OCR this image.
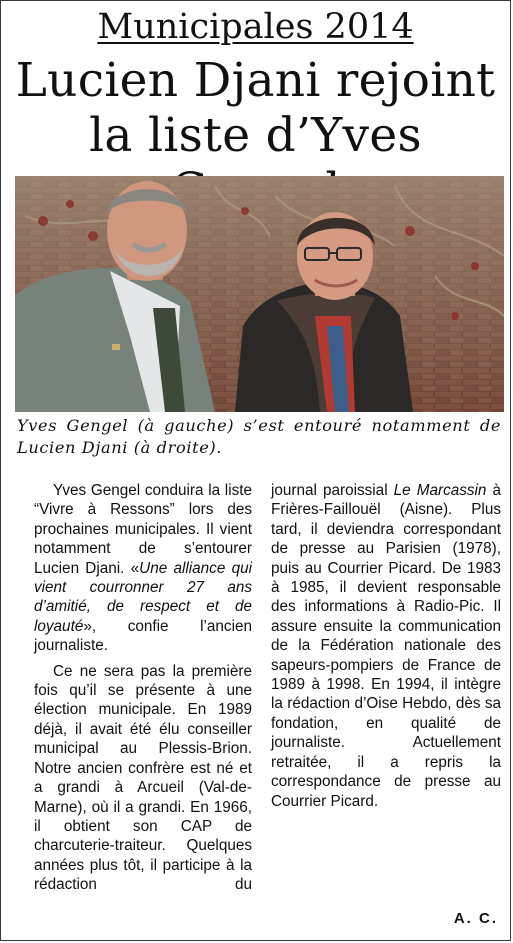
Municipales 2014
Lucien Djani rejoint
la liste d’Yves
Yves Gengel (à gauche) s’est entouré notamment de Lucien Djani (à droite).

Yves Gengel conduira la liste “Vivre à Ressons” lors des prochaines municipales. Il vient notamment de s’entourer Lucien Djani. «Une alliance qui vient courronner 27 ans d’amitié, de respect et de loyauté», confie l’ancien journaliste.

Ce ne sera pas la première fois qu’il se présente à une élection municipale. En 1989 déjà, il avait été élu conseiller municipal au Plessis-Brion. Notre ancien confrère est né et a grandi à Arcueil (Val-de-Marne), où il a grandi. En 1966, il obtient son CAP de charcuterie-traiteur. Quelques années plus tôt, il participe à la rédaction du

journal paroissial Le Marcassin à Frières-Faillouël (Aisne). Plus tard, il deviendra correspondant de presse au Parisien (1978), puis au Courrier Picard. De 1983 à 1985, il devient responsable des informations à Radio-Pic. Il assure ensuite la communication de la Fédération nationale des sapeurs-pompiers de France de 1989 à 1998. En 1994, il intègre la rédaction d’Oise Hebdo, dès sa fondation, en qualité de journaliste. Actuellement retraitée, il a repris la correspondance de presse au Courrier Picard.

A. C.
